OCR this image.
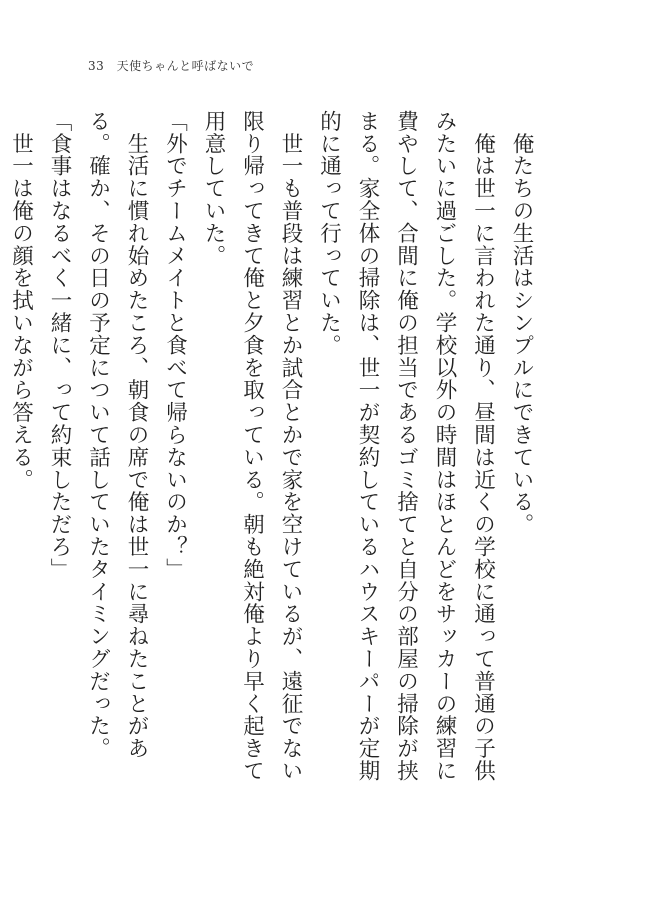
33 天使ちゃんと呼ばないで

　俺たちの生活はシンプルにできている。

　俺は世一に言われた通り、昼間は近くの学校に通って普通の子供みたいに過ごした。学校以外の時間はほとんどをサッカーの練習に費やして、合間に俺の担当であるゴミ捨てと自分の部屋の掃除が挟まる。家全体の掃除は、世一が契約しているハウスキーパーが定期的に通って行っていた。

　世一も普段は練習とか試合とかで家を空けているが、遠征でない限り帰ってきて俺と夕食を取っている。朝も絶対俺より早く起きて用意していた。

「外でチームメイトと食べて帰らないのか？」

　生活に慣れ始めたころ、朝食の席で俺は世一に尋ねたことがある。確か、その日の予定について話していたタイミングだった。

「食事はなるべく一緒に、って約束しただろ」

　世一は俺の顔を拭いながら答える。
